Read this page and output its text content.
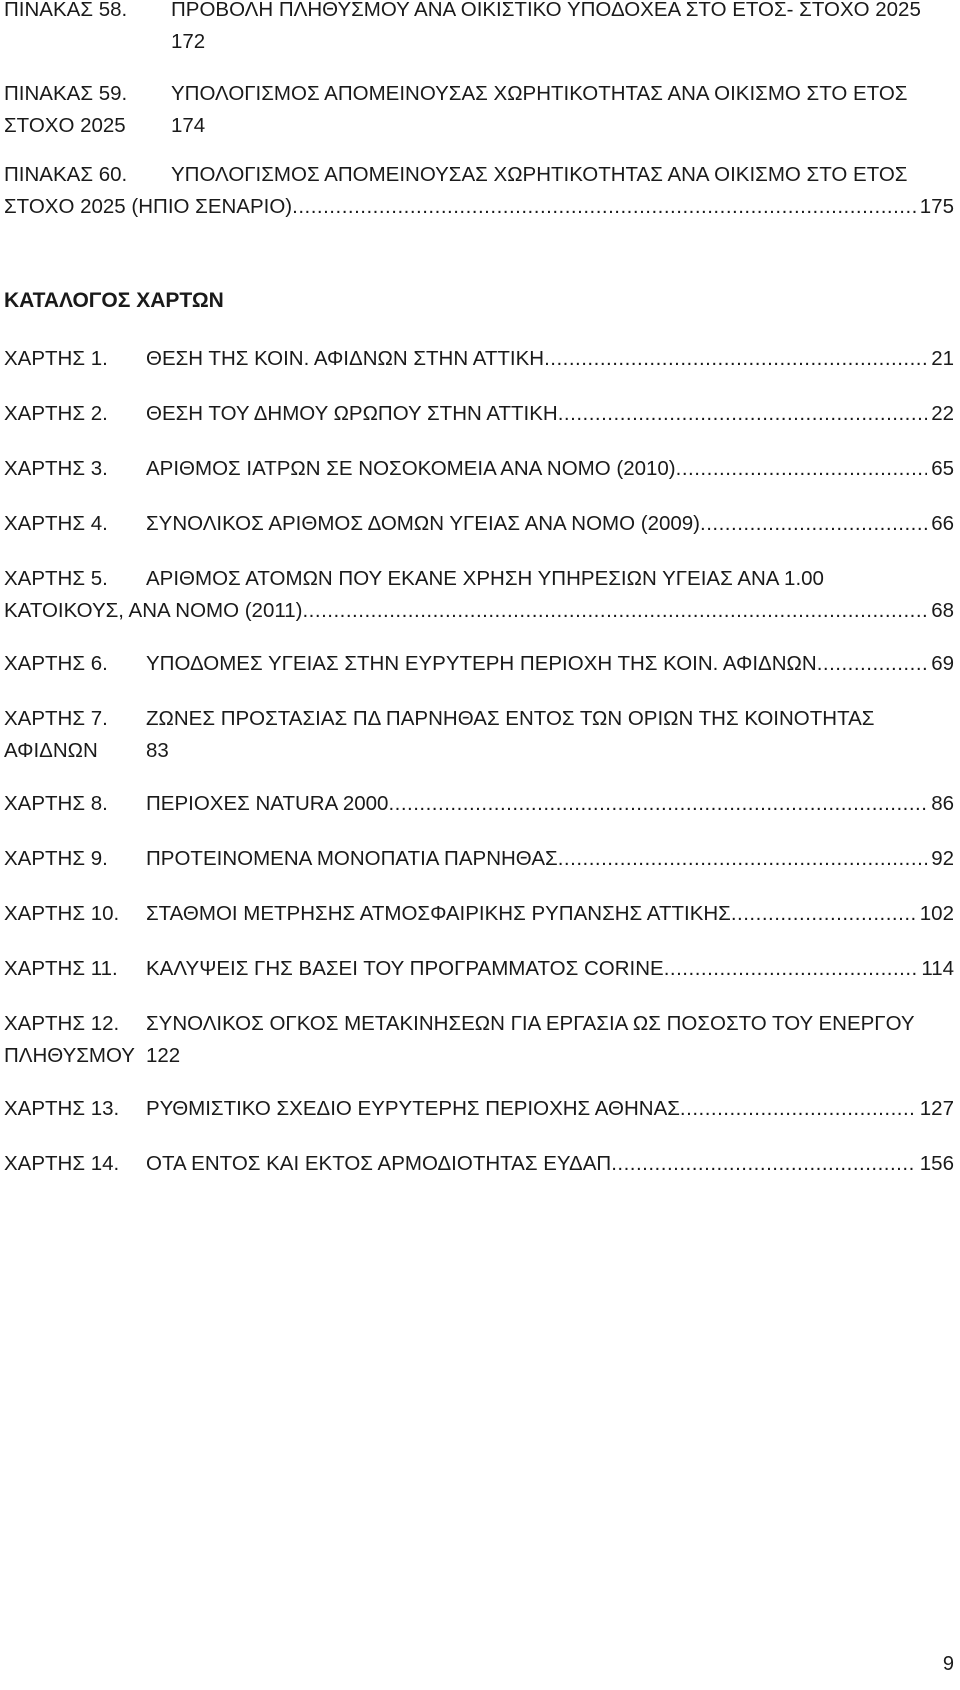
ΠΙΝΑΚΑΣ 58. ΠΡΟΒΟΛΗ ΠΛΗΘΥΣΜΟΥ ΑΝΑ ΟΙΚΙΣΤΙΚΟ ΥΠΟΔΟΧΕΑ ΣΤΟ ΕΤΟΣ- ΣΤΟΧΟ 2025
172
ΠΙΝΑΚΑΣ 59. ΥΠΟΛΟΓΙΣΜΟΣ ΑΠΟΜΕΙΝΟΥΣΑΣ ΧΩΡΗΤΙΚΟΤΗΤΑΣ ΑΝΑ ΟΙΚΙΣΜΟ ΣΤΟ ΕΤΟΣ
ΣΤΟΧΟ 2025 174
ΠΙΝΑΚΑΣ 60. ΥΠΟΛΟΓΙΣΜΟΣ ΑΠΟΜΕΙΝΟΥΣΑΣ ΧΩΡΗΤΙΚΟΤΗΤΑΣ ΑΝΑ ΟΙΚΙΣΜΟ ΣΤΟ ΕΤΟΣ
ΣΤΟΧΟ 2025 (ΗΠΙΟ ΣΕΝΑΡΙΟ) .....	175
ΚΑΤΑΛΟΓΟΣ ΧΑΡΤΩΝ
ΧΑΡΤΗΣ 1. ΘΕΣΗ ΤΗΣ ΚΟΙΝ. ΑΦΙΔΝΩΝ ΣΤΗΝ ΑΤΤΙΚΗ .....	21
ΧΑΡΤΗΣ 2. ΘΕΣΗ ΤΟΥ ΔΗΜΟΥ ΩΡΩΠΟΥ ΣΤΗΝ ΑΤΤΙΚΗ .....	22
ΧΑΡΤΗΣ 3. ΑΡΙΘΜΟΣ ΙΑΤΡΩΝ ΣΕ ΝΟΣΟΚΟΜΕΙΑ ΑΝΑ ΝΟΜΟ (2010) .....	65
ΧΑΡΤΗΣ 4. ΣΥΝΟΛΙΚΟΣ ΑΡΙΘΜΟΣ ΔΟΜΩΝ ΥΓΕΙΑΣ ΑΝΑ ΝΟΜΟ (2009) .....	66
ΧΑΡΤΗΣ 5. ΑΡΙΘΜΟΣ ΑΤΟΜΩΝ ΠΟΥ ΕΚΑΝΕ ΧΡΗΣΗ ΥΠΗΡΕΣΙΩΝ ΥΓΕΙΑΣ ΑΝΑ 1.00
ΚΑΤΟΙΚΟΥΣ, ΑΝΑ ΝΟΜΟ (2011) .....	68
ΧΑΡΤΗΣ 6. ΥΠΟΔΟΜΕΣ ΥΓΕΙΑΣ ΣΤΗΝ ΕΥΡΥΤΕΡΗ ΠΕΡΙΟΧΗ ΤΗΣ ΚΟΙΝ. ΑΦΙΔΝΩΝ .....	69
ΧΑΡΤΗΣ 7. ΖΩΝΕΣ ΠΡΟΣΤΑΣΙΑΣ ΠΔ ΠΑΡΝΗΘΑΣ ΕΝΤΟΣ ΤΩΝ ΟΡΙΩΝ ΤΗΣ ΚΟΙΝΟΤΗΤΑΣ
ΑΦΙΔΝΩΝ 83
ΧΑΡΤΗΣ 8. ΠΕΡΙΟΧΕΣ NATURA 2000 .....	86
ΧΑΡΤΗΣ 9. ΠΡΟΤΕΙΝΟΜΕΝΑ ΜΟΝΟΠΑΤΙΑ ΠΑΡΝΗΘΑΣ .....	92
ΧΑΡΤΗΣ 10. ΣΤΑΘΜΟΙ ΜΕΤΡΗΣΗΣ ΑΤΜΟΣΦΑΙΡΙΚΗΣ ΡΥΠΑΝΣΗΣ ΑΤΤΙΚΗΣ .....	102
ΧΑΡΤΗΣ 11. ΚΑΛΥΨΕΙΣ ΓΗΣ ΒΑΣΕΙ ΤΟΥ ΠΡΟΓΡΑΜΜΑΤΟΣ CORINE .....	114
ΧΑΡΤΗΣ 12. ΣΥΝΟΛΙΚΟΣ ΟΓΚΟΣ ΜΕΤΑΚΙΝΗΣΕΩΝ ΓΙΑ ΕΡΓΑΣΙΑ ΩΣ ΠΟΣΟΣΤΟ ΤΟΥ ΕΝΕΡΓΟΥ
ΠΛΗΘΥΣΜΟΥ 122
ΧΑΡΤΗΣ 13. ΡΥΘΜΙΣΤΙΚΟ ΣΧΕΔΙΟ ΕΥΡΥΤΕΡΗΣ ΠΕΡΙΟΧΗΣ ΑΘΗΝΑΣ .....	127
ΧΑΡΤΗΣ 14. ΟΤΑ ΕΝΤΟΣ ΚΑΙ ΕΚΤΟΣ ΑΡΜΟΔΙΟΤΗΤΑΣ ΕΥΔΑΠ .....	156
9
